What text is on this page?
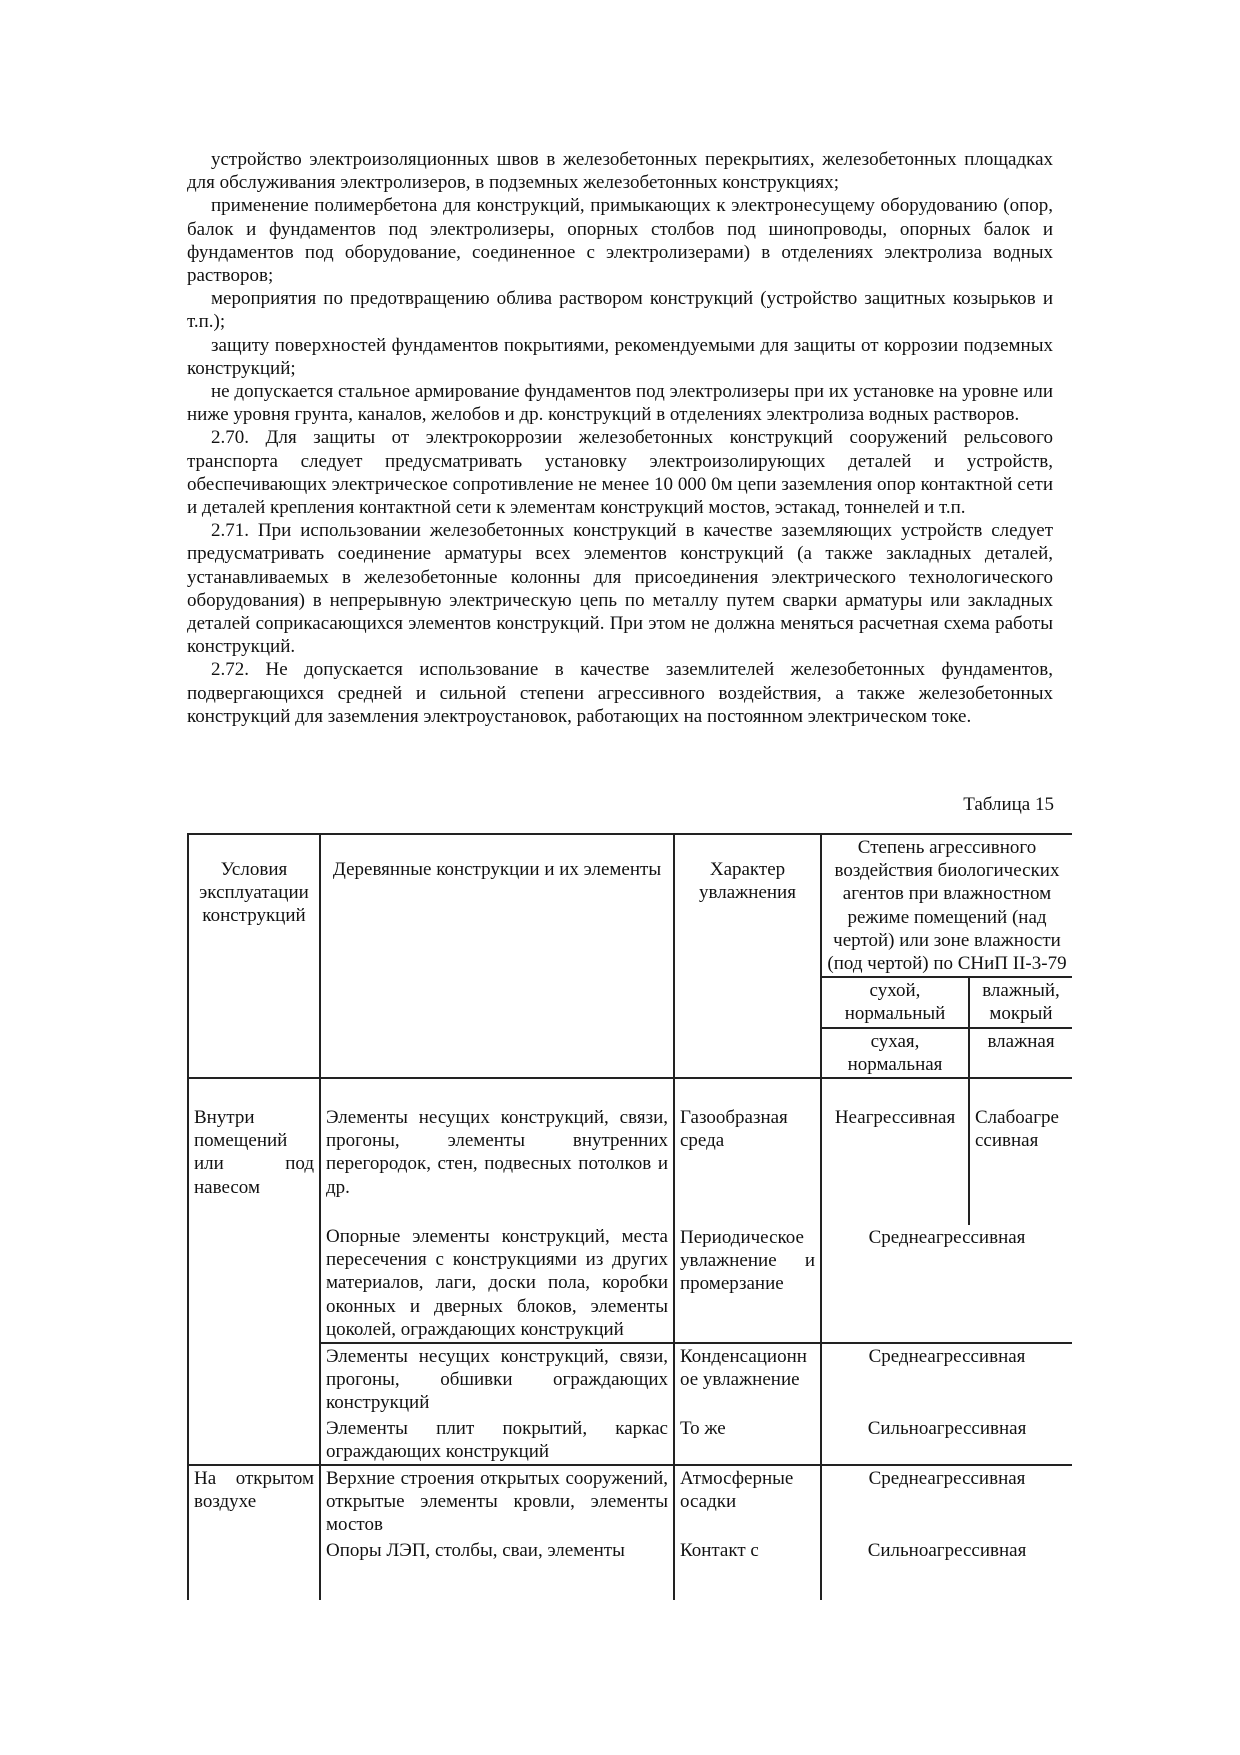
устройство электроизоляционных швов в железобетонных перекрытиях, железобетонных площадках для обслуживания электролизеров, в подземных железобетонных конструкциях;

применение полимербетона для конструкций, примыкающих к электронесущему оборудованию (опор, балок и фундаментов под электролизеры, опорных столбов под шинопроводы, опорных балок и фундаментов под оборудование, соединенное с электролизерами) в отделениях электролиза водных растворов;

мероприятия по предотвращению облива раствором конструкций (устройство защитных козырьков и т.п.);

защиту поверхностей фундаментов покрытиями, рекомендуемыми для защиты от коррозии подземных конструкций;

не допускается стальное армирование фундаментов под электролизеры при их установке на уровне или ниже уровня грунта, каналов, желобов и др. конструкций в отделениях электролиза водных растворов.

2.70. Для защиты от электрокоррозии железобетонных конструкций сооружений рельсового транспорта следует предусматривать установку электроизолирующих деталей и устройств, обеспечивающих электрическое сопротивление не менее 10 000 0м цепи заземления опор контактной сети и деталей крепления контактной сети к элементам конструкций мостов, эстакад, тоннелей и т.п.

2.71. При использовании железобетонных конструкций в качестве заземляющих устройств следует предусматривать соединение арматуры всех элементов конструкций (а также закладных деталей, устанавливаемых в железобетонные колонны для присоединения электрического технологического оборудования) в непрерывную электрическую цепь по металлу путем сварки арматуры или закладных деталей соприкасающихся элементов конструкций. При этом не должна меняться расчетная схема работы конструкций.

2.72. Не допускается использование в качестве заземлителей железобетонных фундаментов, подвергающихся средней и сильной степени агрессивного воздействия, а также железобетонных конструкций для заземления электроустановок, работающих на постоянном электрическом токе.

Таблица 15
Условия эксплуатации конструкций	Деревянные конструкции и их элементы	Характер увлажнения	Степень агрессивного воздействия биологических агентов при влажностном режиме помещений (над чертой) или зоне влажности (под чертой) по СНиП II-3-79	
			сухой, нормальный	влажный, мокрый
			сухая, нормальная	влажная

Внутри помещений или под навесом	Элементы несущих конструкций, связи, прогоны, элементы внутренних перегородок, стен, подвесных потолков и др.	Газообразная среда	Неагрессивная	Слабоагре ссивная
	Опорные элементы конструкций, места пересечения с конструкциями из других материалов, лаги, доски пола, коробки оконных и дверных блоков, элементы цоколей, ограждающих конструкций	Периодическое увлажнение и промерзание	Среднеагрессивная	
	Элементы несущих конструкций, связи, прогоны, обшивки ограждающих конструкций	Конденсационн ое увлажнение	Среднеагрессивная	
	Элементы плит покрытий, каркас ограждающих конструкций	То же	Сильноагрессивная	
На открытом воздухе	Верхние строения открытых сооружений, открытые элементы кровли, элементы мостов	Атмосферные осадки	Среднеагрессивная	
	Опоры ЛЭП, столбы, сваи, элементы	Контакт с	Сильноагрессивная	
